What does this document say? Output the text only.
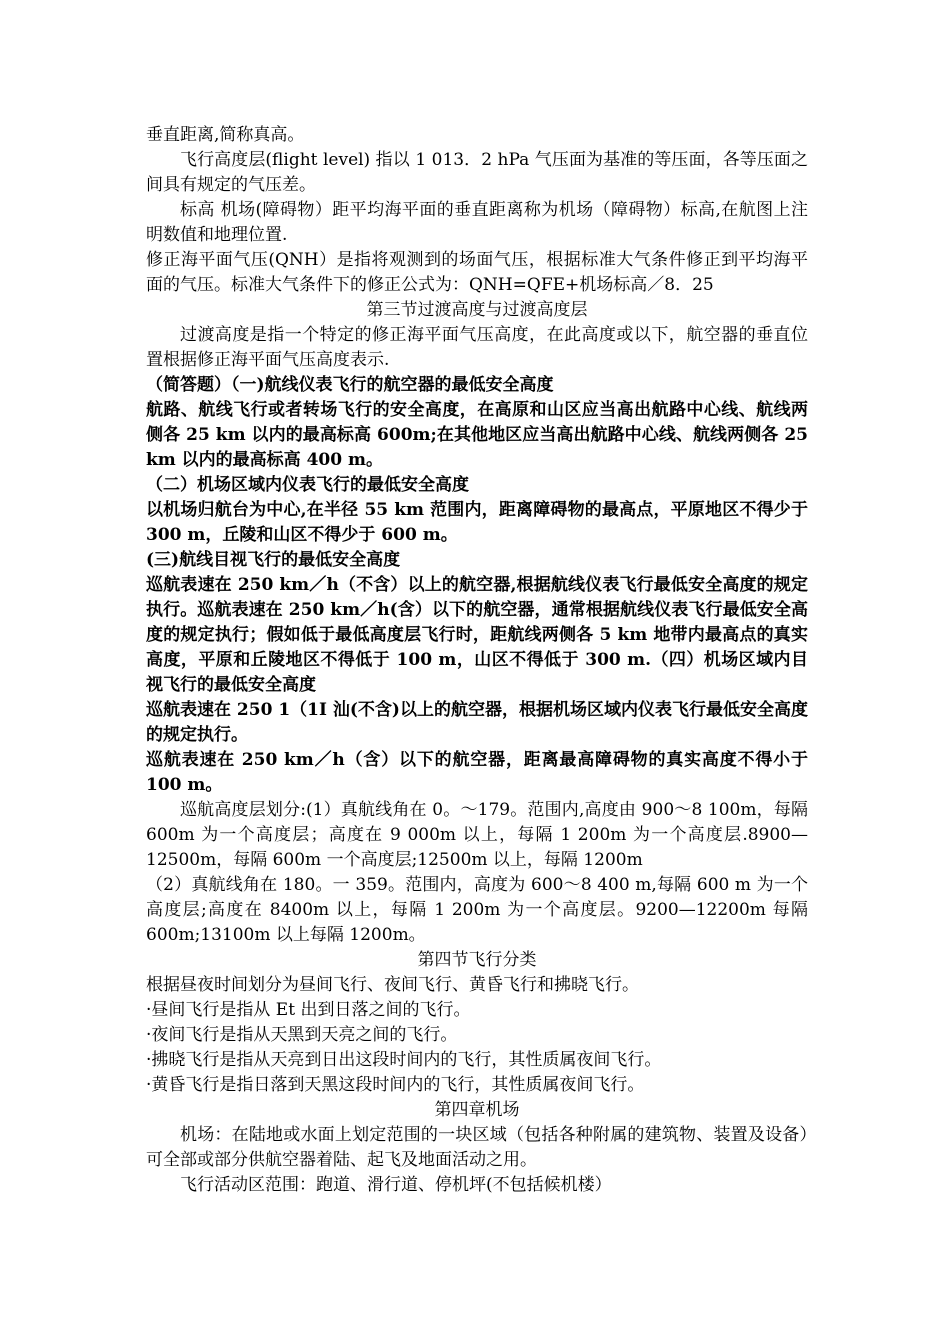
垂直距离,简称真高。

飞行高度层(flight level) 指以 1 013．2 hPa 气压面为基准的等压面，各等压面之间具有规定的气压差。

标高 机场(障碍物）距平均海平面的垂直距离称为机场（障碍物）标高,在航图上注明数值和地理位置.

修正海平面气压(QNH）是指将观测到的场面气压，根据标准大气条件修正到平均海平面的气压。标准大气条件下的修正公式为：QNH=QFE+机场标高／8．25

第三节过渡高度与过渡高度层

过渡高度是指一个特定的修正海平面气压高度，在此高度或以下，航空器的垂直位置根据修正海平面气压高度表示.

（简答题）（一)航线仪表飞行的航空器的最低安全高度

航路、航线飞行或者转场飞行的安全高度，在高原和山区应当高出航路中心线、航线两侧各 25 km 以内的最高标高 600m;在其他地区应当高出航路中心线、航线两侧各 25 km 以内的最高标高 400 m。

（二）机场区域内仪表飞行的最低安全高度

以机场归航台为中心,在半径 55 km 范围内，距离障碍物的最高点，平原地区不得少于 300 m，丘陵和山区不得少于 600 m。

(三)航线目视飞行的最低安全高度

巡航表速在 250 km／h（不含）以上的航空器,根据航线仪表飞行最低安全高度的规定执行。巡航表速在 250 km／h(含）以下的航空器，通常根据航线仪表飞行最低安全高度的规定执行；假如低于最低高度层飞行时，距航线两侧各 5 km 地带内最高点的真实高度，平原和丘陵地区不得低于 100 m，山区不得低于 300 m.（四）机场区域内目视飞行的最低安全高度

巡航表速在 250 1（1I 汕(不含)以上的航空器，根据机场区域内仪表飞行最低安全高度的规定执行。

巡航表速在 250 km／h（含）以下的航空器，距离最高障碍物的真实高度不得小于 100 m。

巡航高度层划分:(1）真航线角在 0。～179。范围内,高度由 900～8 100m，每隔 600m 为一个高度层；高度在 9 000m 以上，每隔 1 200m 为一个高度层.8900—12500m，每隔 600m 一个高度层;12500m 以上，每隔 1200m

（2）真航线角在 180。一 359。范围内，高度为 600～8 400 m,每隔 600 m 为一个高度层;高度在 8400m 以上，每隔 1 200m 为一个高度层。9200—12200m 每隔 600m;13100m 以上每隔 1200m。

第四节飞行分类

根据昼夜时间划分为昼间飞行、夜间飞行、黄昏飞行和拂晓飞行。

·昼间飞行是指从 Et 出到日落之间的飞行。

·夜间飞行是指从天黑到天亮之间的飞行。

·拂晓飞行是指从天亮到日出这段时间内的飞行，其性质属夜间飞行。

·黄昏飞行是指日落到天黑这段时间内的飞行，其性质属夜间飞行。

第四章机场

机场：在陆地或水面上划定范围的一块区域（包括各种附属的建筑物、装置及设备）可全部或部分供航空器着陆、起飞及地面活动之用。

飞行活动区范围：跑道、滑行道、停机坪(不包括候机楼）
